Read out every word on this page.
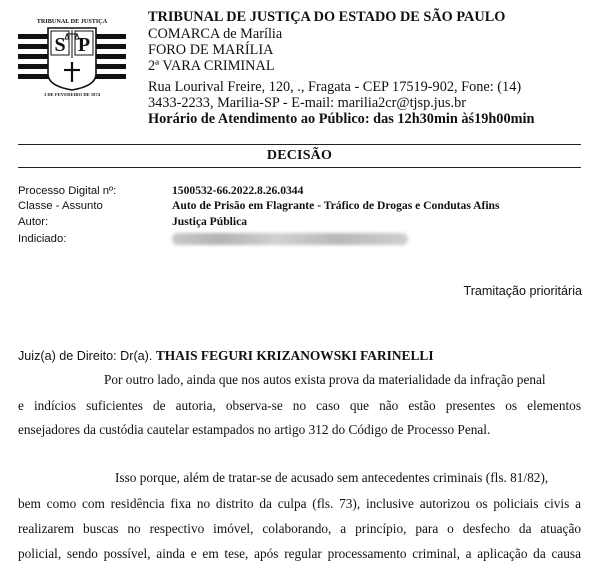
TRIBUNAL DE JUSTIÇA
S P
3 DE FEVEREIRO DE 1874
TRIBUNAL DE JUSTIÇA DO ESTADO DE SÃO PAULO
COMARCA de Marília
FORO DE MARÍLIA
2ª VARA CRIMINAL
Rua Lourival Freire, 120, ., Fragata - CEP 17519-902, Fone: (14)
3433-2233, Marilia-SP - E-mail: marilia2cr@tjsp.jus.br
Horário de Atendimento ao Público: das 12h30min àś19h00min
DECISÃO
Processo Digital nº:	1500532-66.2022.8.26.0344
Classe - Assunto	Auto de Prisão em Flagrante - Tráfico de Drogas e Condutas Afins
Autor:	Justiça Pública
Indiciado:
Tramitação prioritária
Juiz(a) de Direito: Dr(a). THAIS FEGURI KRIZANOWSKI FARINELLI
Por outro lado, ainda que nos autos exista prova da materialidade da infração penal
e indícios suficientes de autoria, observa-se no caso que não estão presentes os elementos
ensejadores da custódia cautelar estampados no artigo 312 do Código de Processo Penal.
Isso porque, além de tratar-se de acusado sem antecedentes criminais (fls. 81/82),
bem como com residência fixa no distrito da culpa (fls. 73), inclusive autorizou os policiais civis a
realizarem buscas no respectivo imóvel, colaborando, a princípio, para o desfecho da atuação
policial, sendo possível, ainda e em tese, após regular processamento criminal, a aplicação da causa
